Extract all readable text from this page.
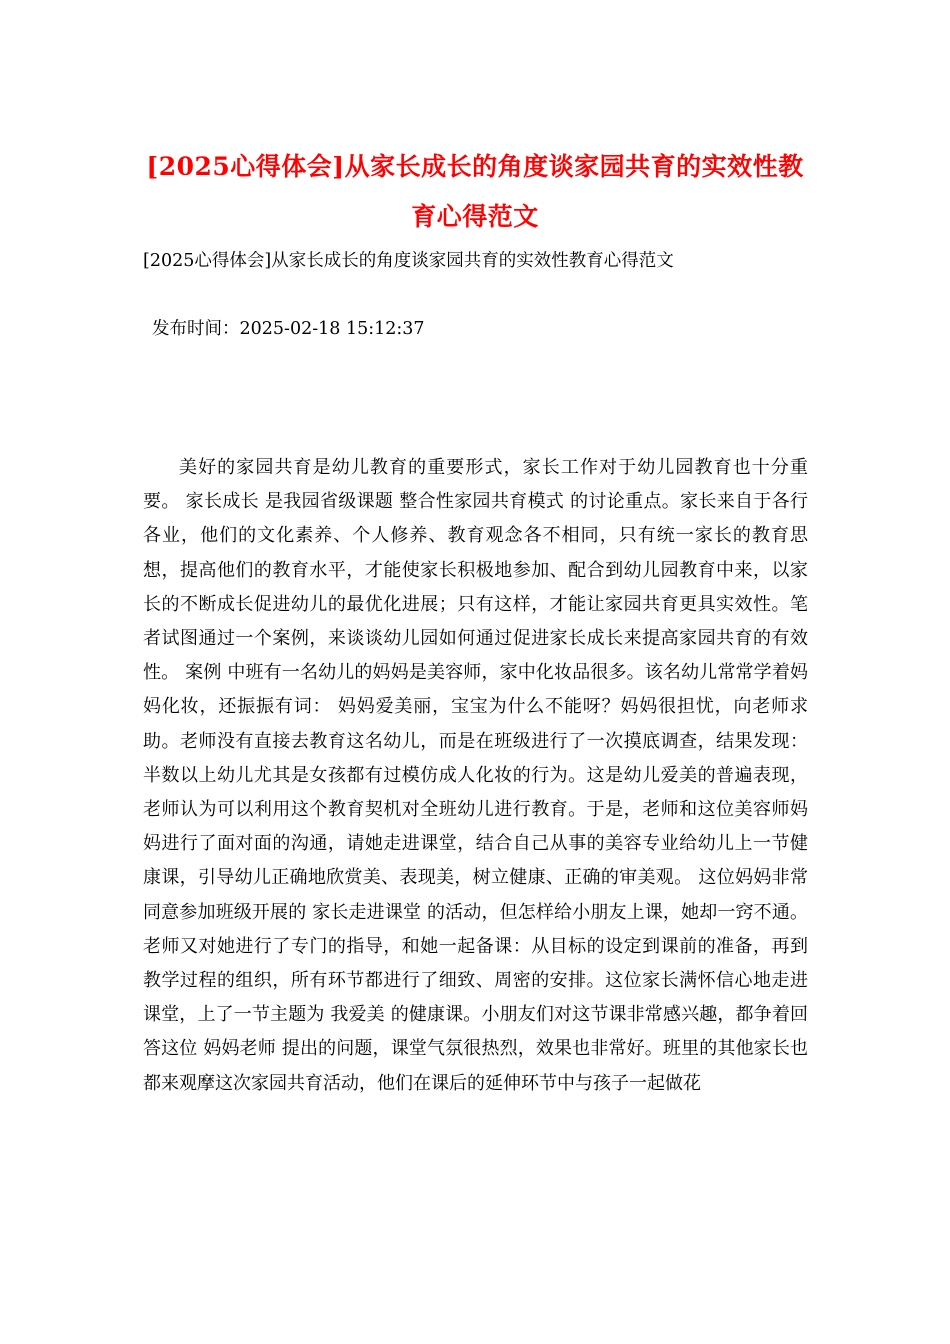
[2025心得体会]从家长成长的角度谈家园共育的实效性教育心得范文

[2025心得体会]从家长成长的角度谈家园共育的实效性教育心得范文

发布时间：2025-02-18 15:12:37

美好的家园共育是幼儿教育的重要形式，家长工作对于幼儿园教育也十分重要。 家长成长 是我园省级课题 整合性家园共育模式 的讨论重点。家长来自于各行各业，他们的文化素养、个人修养、教育观念各不相同，只有统一家长的教育思想，提高他们的教育水平，才能使家长积极地参加、配合到幼儿园教育中来，以家长的不断成长促进幼儿的最优化进展；只有这样，才能让家园共育更具实效性。笔者试图通过一个案例，来谈谈幼儿园如何通过促进家长成长来提高家园共育的有效性。 案例 中班有一名幼儿的妈妈是美容师，家中化妆品很多。该名幼儿常常学着妈妈化妆，还振振有词： 妈妈爱美丽，宝宝为什么不能呀？妈妈很担忧，向老师求助。老师没有直接去教育这名幼儿，而是在班级进行了一次摸底调查，结果发现：半数以上幼儿尤其是女孩都有过模仿成人化妆的行为。这是幼儿爱美的普遍表现，老师认为可以利用这个教育契机对全班幼儿进行教育。于是，老师和这位美容师妈妈进行了面对面的沟通，请她走进课堂，结合自己从事的美容专业给幼儿上一节健康课，引导幼儿正确地欣赏美、表现美，树立健康、正确的审美观。 这位妈妈非常同意参加班级开展的 家长走进课堂 的活动，但怎样给小朋友上课，她却一窍不通。老师又对她进行了专门的指导，和她一起备课：从目标的设定到课前的准备，再到教学过程的组织，所有环节都进行了细致、周密的安排。这位家长满怀信心地走进课堂，上了一节主题为 我爱美 的健康课。小朋友们对这节课非常感兴趣，都争着回答这位 妈妈老师 提出的问题，课堂气氛很热烈，效果也非常好。班里的其他家长也都来观摩这次家园共育活动，他们在课后的延伸环节中与孩子一起做花
